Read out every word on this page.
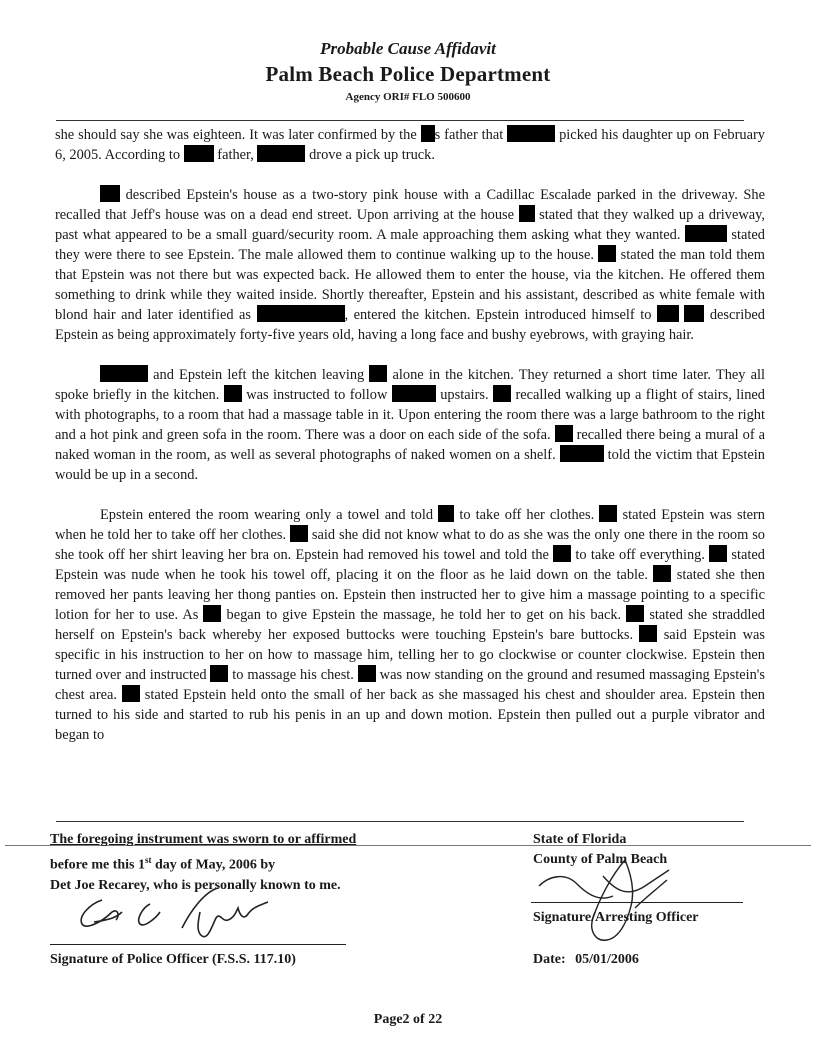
Probable Cause Affidavit
Palm Beach Police Department
Agency ORI# FLO 500600

she should say she was eighteen. It was later confirmed by the s father that	picked his daughter up on February 6, 2005. According to  father,	drove a pick up truck.

described Epstein's house as a two-story pink house with a Cadillac Escalade parked in the driveway. She recalled that Jeff's house was on a dead end street. Upon arriving at the house  stated that they walked up a driveway, past what appeared to be a small guard/security room. A male approaching them asking what they wanted.	stated they were there to see Epstein. The male allowed them to continue walking up to the house.  stated the man told them that Epstein was not there but was expected back. He allowed them to enter the house, via the kitchen. He offered them something to drink while they waited inside. Shortly thereafter, Epstein and his assistant, described as white female with blond hair and later identified as	, entered the kitchen. Epstein introduced himself to	described Epstein as being approximately forty-five years old, having a long face and bushy eyebrows, with graying hair.

and Epstein left the kitchen leaving  alone in the kitchen. They returned a short time later. They all spoke briefly in the kitchen.  was instructed to follow	upstairs.  recalled walking up a flight of stairs, lined with photographs, to a room that had a massage table in it. Upon entering the room there was a large bathroom to the right and a hot pink and green sofa in the room. There was a door on each side of the sofa.  recalled there being a mural of a naked woman in the room, as well as several photographs of naked women on a shelf.	told the victim that Epstein would be up in a second.

Epstein entered the room wearing only a towel and told  to take off her clothes.  stated Epstein was stern when he told her to take off her clothes.  said she did not know what to do as she was the only one there in the room so she took off her shirt leaving her bra on. Epstein had removed his towel and told the  to take off everything.  stated Epstein was nude when he took his towel off, placing it on the floor as he laid down on the table.  stated she then removed her pants leaving her thong panties on. Epstein then instructed her to give him a massage pointing to a specific lotion for her to use. As  began to give Epstein the massage, he told her to get on his back.  stated she straddled herself on Epstein's back whereby her exposed buttocks were touching Epstein's bare buttocks.  said Epstein was specific in his instruction to her on how to massage him, telling her to go clockwise or counter clockwise. Epstein then turned over and instructed  to massage his chest.  was now standing on the ground and resumed massaging Epstein's chest area.  stated Epstein held onto the small of her back as she massaged his chest and shoulder area. Epstein then turned to his side and started to rub his penis in an up and down motion. Epstein then pulled out a purple vibrator and began to

The foregoing instrument was sworn to or affirmed
before me this 1st day of May, 2006 by
Det Joe Recarey, who is personally known to me.
Signature of Police Officer (F.S.S. 117.10)
State of Florida
County of Palm Beach
Signature/Arresting Officer
Date: 05/01/2006
Page2 of 22
